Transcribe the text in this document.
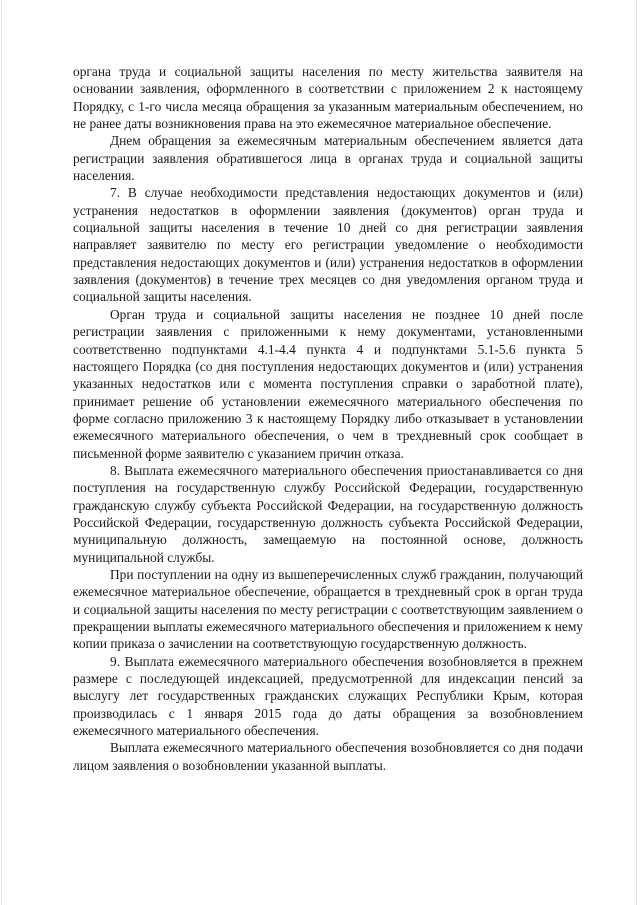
органа труда и социальной защиты населения по месту жительства заявителя на основании заявления, оформленного в соответствии с приложением 2 к настоящему Порядку, с 1-го числа месяца обращения за указанным материальным обеспечением, но не ранее даты возникновения права на это ежемесячное материальное обеспечение.

Днем обращения за ежемесячным материальным обеспечением является дата регистрации заявления обратившегося лица в органах труда и социальной защиты населения.

7. В случае необходимости представления недостающих документов и (или) устранения недостатков в оформлении заявления (документов) орган труда и социальной защиты населения в течение 10 дней со дня регистрации заявления направляет заявителю по месту его регистрации уведомление о необходимости представления недостающих документов и (или) устранения недостатков в оформлении заявления (документов) в течение трех месяцев со дня уведомления органом труда и социальной защиты населения.

Орган труда и социальной защиты населения не позднее 10 дней после регистрации заявления с приложенными к нему документами, установленными соответственно подпунктами 4.1-4.4 пункта 4 и подпунктами 5.1-5.6 пункта 5 настоящего Порядка (со дня поступления недостающих документов и (или) устранения указанных недостатков или с момента поступления справки о заработной плате), принимает решение об установлении ежемесячного материального обеспечения по форме согласно приложению 3 к настоящему Порядку либо отказывает в установлении ежемесячного материального обеспечения, о чем в трехдневный срок сообщает в письменной форме заявителю с указанием причин отказа.

8. Выплата ежемесячного материального обеспечения приостанавливается со дня поступления на государственную службу Российской Федерации, государственную гражданскую службу субъекта Российской Федерации, на государственную должность Российской Федерации, государственную должность субъекта Российской Федерации, муниципальную должность, замещаемую на постоянной основе, должность муниципальной службы.

При поступлении на одну из вышеперечисленных служб гражданин, получающий ежемесячное материальное обеспечение, обращается в трехдневный срок в орган труда и социальной защиты населения по месту регистрации с соответствующим заявлением о прекращении выплаты ежемесячного материального обеспечения и приложением к нему копии приказа о зачислении на соответствующую государственную должность.

9. Выплата ежемесячного материального обеспечения возобновляется в прежнем размере с последующей индексацией, предусмотренной для индексации пенсий за выслугу лет государственных гражданских служащих Республики Крым, которая производилась с 1 января 2015 года до даты обращения за возобновлением ежемесячного материального обеспечения.

Выплата ежемесячного материального обеспечения возобновляется со дня подачи лицом заявления о возобновлении указанной выплаты.
